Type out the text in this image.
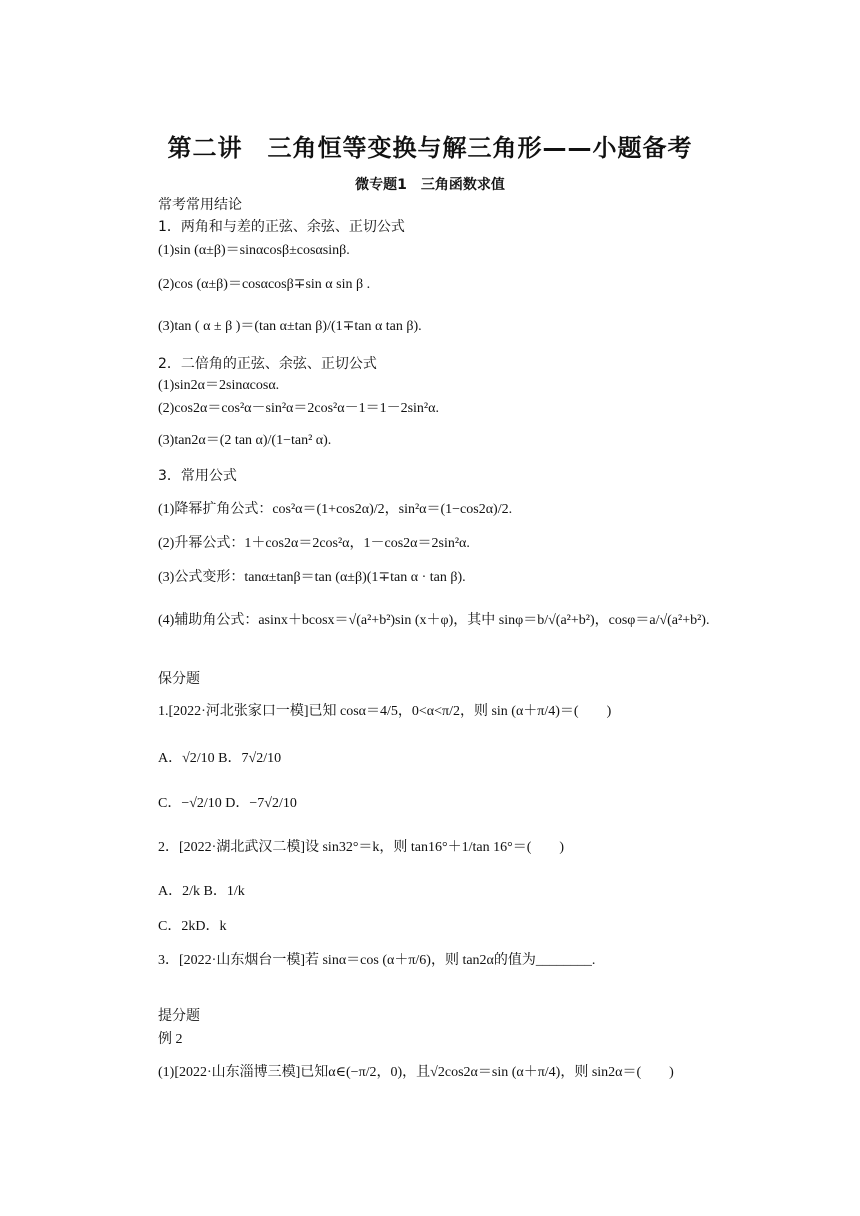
第二讲　三角恒等变换与解三角形——小题备考
微专题1　三角函数求值
常考常用结论
1．两角和与差的正弦、余弦、正切公式
(1)sin (α±β)＝sinαcosβ±cosαsinβ.
(2)cos (α±β)＝cosαcosβ∓sin α sin β .
(3)tan ( α ± β )＝(tan α±tan β)/(1∓tan α tan β).
2．二倍角的正弦、余弦、正切公式
(1)sin2α＝2sinαcosα.
(2)cos2α＝cos²α－sin²α＝2cos²α－1＝1－2sin²α.
(3)tan2α＝(2 tan α)/(1−tan² α).
3．常用公式
(1)降幂扩角公式：cos²α＝(1+cos2α)/2，sin²α＝(1−cos2α)/2.
(2)升幂公式：1＋cos2α＝2cos²α，1－cos2α＝2sin²α.
(3)公式变形：tanα±tanβ＝tan (α±β)(1∓tan α · tan β).
(4)辅助角公式：asinx＋bcosx＝√(a²+b²)sin (x＋φ)，其中 sinφ＝b/√(a²+b²)，cosφ＝a/√(a²+b²).
保分题
1.[2022·河北张家口一模]已知 cosα＝4/5，0<α<π/2，则 sin (α＋π/4)＝(　　)
A．√2/10 B．7√2/10
C．−√2/10 D．−7√2/10
2．[2022·湖北武汉二模]设 sin32°＝k，则 tan16°＋1/tan 16°＝(　　)
A．2/k B．1/k
C．2kD．k
3．[2022·山东烟台一模]若 sinα＝cos (α＋π/6)，则 tan2α的值为________.
提分题
例 2
(1)[2022·山东淄博三模]已知α∈(−π/2，0)，且√2cos2α＝sin (α＋π/4)，则 sin2α＝(　　)
